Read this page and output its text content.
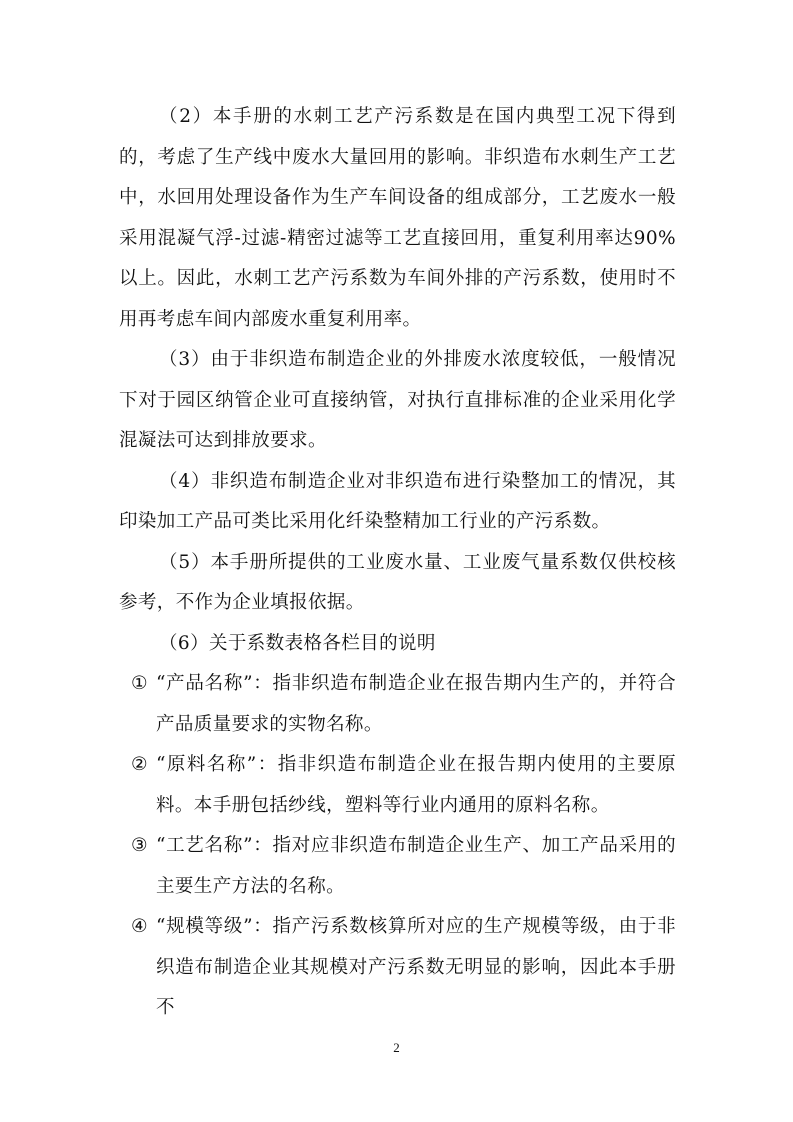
（2）本手册的水刺工艺产污系数是在国内典型工况下得到的，考虑了生产线中废水大量回用的影响。非织造布水刺生产工艺中，水回用处理设备作为生产车间设备的组成部分，工艺废水一般采用混凝气浮-过滤-精密过滤等工艺直接回用，重复利用率达90%以上。因此，水刺工艺产污系数为车间外排的产污系数，使用时不用再考虑车间内部废水重复利用率。

（3）由于非织造布制造企业的外排废水浓度较低，一般情况下对于园区纳管企业可直接纳管，对执行直排标准的企业采用化学混凝法可达到排放要求。

（4）非织造布制造企业对非织造布进行染整加工的情况，其印染加工产品可类比采用化纤染整精加工行业的产污系数。

（5）本手册所提供的工业废水量、工业废气量系数仅供校核参考，不作为企业填报依据。

（6）关于系数表格各栏目的说明

① “产品名称”：指非织造布制造企业在报告期内生产的，并符合产品质量要求的实物名称。

② “原料名称”：指非织造布制造企业在报告期内使用的主要原料。本手册包括纱线，塑料等行业内通用的原料名称。

③ “工艺名称”：指对应非织造布制造企业生产、加工产品采用的主要生产方法的名称。

④ “规模等级”：指产污系数核算所对应的生产规模等级，由于非织造布制造企业其规模对产污系数无明显的影响，因此本手册不

2
